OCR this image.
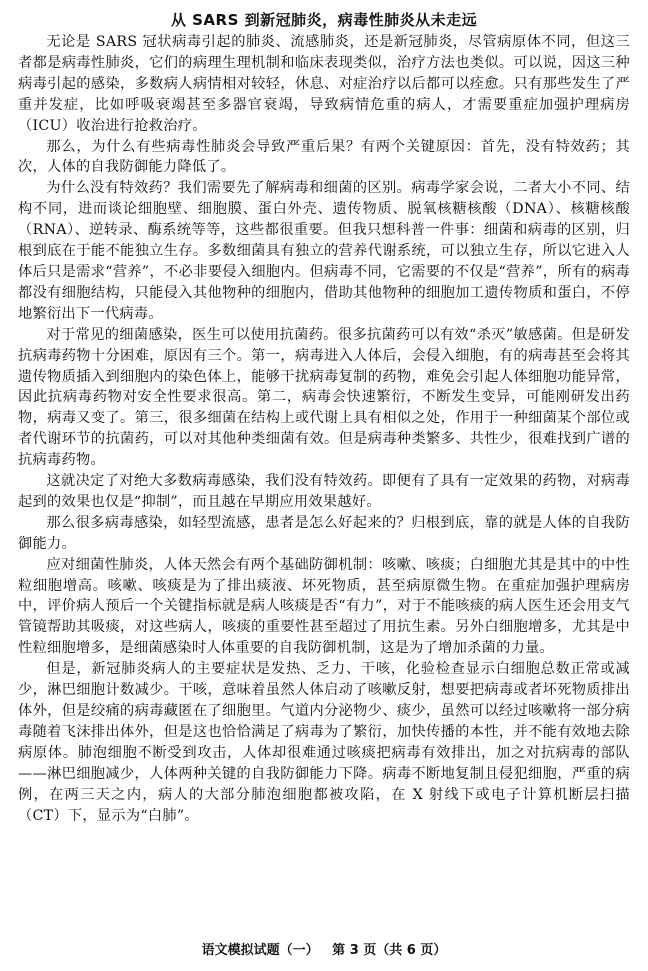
从 SARS 到新冠肺炎，病毒性肺炎从未走远

无论是 SARS 冠状病毒引起的肺炎、流感肺炎，还是新冠肺炎，尽管病原体不同，但这三者都是病毒性肺炎，它们的病理生理机制和临床表现类似，治疗方法也类似。可以说，因这三种病毒引起的感染，多数病人病情相对较轻，休息、对症治疗以后都可以痊愈。只有那些发生了严重并发症，比如呼吸衰竭甚至多器官衰竭，导致病情危重的病人，才需要重症加强护理病房（ICU）收治进行抢救治疗。

那么，为什么有些病毒性肺炎会导致严重后果？有两个关键原因：首先，没有特效药；其次，人体的自我防御能力降低了。

为什么没有特效药？我们需要先了解病毒和细菌的区别。病毒学家会说，二者大小不同、结构不同，进而谈论细胞壁、细胞膜、蛋白外壳、遗传物质、脱氧核糖核酸（DNA）、核糖核酸（RNA）、逆转录、酶系统等等，这些都很重要。但我只想科普一件事：细菌和病毒的区别，归根到底在于能不能独立生存。多数细菌具有独立的营养代谢系统，可以独立生存，所以它进入人体后只是需求“营养”，不必非要侵入细胞内。但病毒不同，它需要的不仅是“营养”，所有的病毒都没有细胞结构，只能侵入其他物种的细胞内，借助其他物种的细胞加工遗传物质和蛋白，不停地繁衍出下一代病毒。

对于常见的细菌感染，医生可以使用抗菌药。很多抗菌药可以有效“杀灭”敏感菌。但是研发抗病毒药物十分困难，原因有三个。第一，病毒进入人体后，会侵入细胞，有的病毒甚至会将其遗传物质插入到细胞内的染色体上，能够干扰病毒复制的药物，难免会引起人体细胞功能异常，因此抗病毒药物对安全性要求很高。第二，病毒会快速繁衍，不断发生变异，可能刚研发出药物，病毒又变了。第三，很多细菌在结构上或代谢上具有相似之处，作用于一种细菌某个部位或者代谢环节的抗菌药，可以对其他种类细菌有效。但是病毒种类繁多、共性少，很难找到广谱的抗病毒药物。

这就决定了对绝大多数病毒感染，我们没有特效药。即便有了具有一定效果的药物，对病毒起到的效果也仅是“抑制”，而且越在早期应用效果越好。

那么很多病毒感染，如轻型流感，患者是怎么好起来的？归根到底，靠的就是人体的自我防御能力。

应对细菌性肺炎，人体天然会有两个基础防御机制：咳嗽、咳痰；白细胞尤其是其中的中性粒细胞增高。咳嗽、咳痰是为了排出痰液、坏死物质，甚至病原微生物。在重症加强护理病房中，评价病人预后一个关键指标就是病人咳痰是否“有力”，对于不能咳痰的病人医生还会用支气管镜帮助其吸痰，对这些病人，咳痰的重要性甚至超过了用抗生素。另外白细胞增多，尤其是中性粒细胞增多，是细菌感染时人体重要的自我防御机制，这是为了增加杀菌的力量。

但是，新冠肺炎病人的主要症状是发热、乏力、干咳，化验检查显示白细胞总数正常或减少，淋巴细胞计数减少。干咳，意味着虽然人体启动了咳嗽反射，想要把病毒或者坏死物质排出体外，但是绞痛的病毒藏匿在了细胞里。气道内分泌物少、痰少，虽然可以经过咳嗽将一部分病毒随着飞沫排出体外，但是这也恰恰满足了病毒为了繁衍，加快传播的本性，并不能有效地去除病原体。肺泡细胞不断受到攻击，人体却很难通过咳痰把病毒有效排出，加之对抗病毒的部队——淋巴细胞减少，人体两种关键的自我防御能力下降。病毒不断地复制且侵犯细胞，严重的病例，在两三天之内，病人的大部分肺泡细胞都被攻陷，在 X 射线下或电子计算机断层扫描（CT）下，显示为“白肺”。

语文模拟试题（一）   第 3 页（共 6 页）
